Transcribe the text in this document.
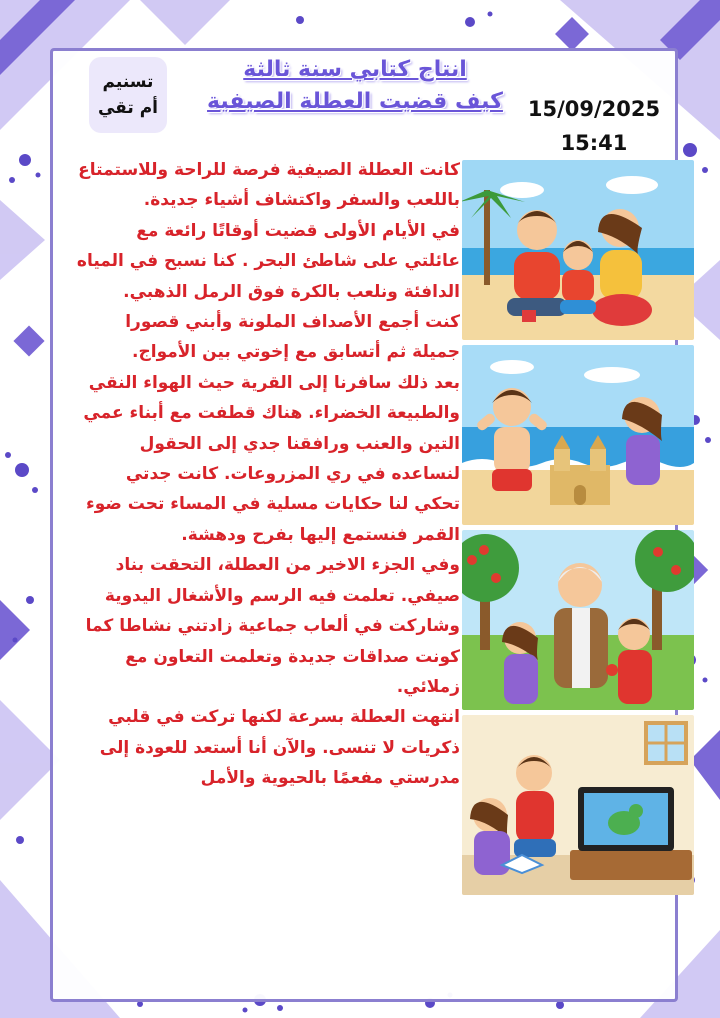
تسنيم
أم تقي
انتاج كتابي سنة ثالثة
كيف قضيت العطلة الصيفية	15/09/2025
15:41

كانت العطلة الصيفية فرصة للراحة وللاستمتاع باللعب والسفر واكتشاف أشياء جديدة.

في الأيام الأولى قضيت أوقاتًا رائعة مع عائلتي على شاطئ البحر . كنا نسبح في المياه الدافئة ونلعب بالكرة فوق الرمل الذهبي.

كنت أجمع الأصداف الملونة وأبني قصورا جميلة ثم أتسابق مع إخوتي بين الأمواج.

بعد ذلك سافرنا إلى القرية حيث الهواء النقي والطبيعة الخضراء. هناك قطفت مع أبناء عمي التين والعنب ورافقنا جدي إلى الحقول لنساعده في ري المزروعات. كانت جدتي تحكي لنا حكايات مسلية في المساء تحت ضوء القمر فنستمع إليها بفرح ودهشة.

وفي الجزء الاخير من العطلة، التحقت بناد صيفي. تعلمت فيه الرسم والأشغال اليدوية وشاركت في ألعاب جماعية زادتني نشاطا كما كونت صداقات جديدة وتعلمت التعاون مع زملائي.

انتهت العطلة بسرعة لكنها تركت في قلبي ذكريات لا تنسى. والآن أنا أستعد للعودة إلى مدرستي مفعمًا بالحيوية والأمل
